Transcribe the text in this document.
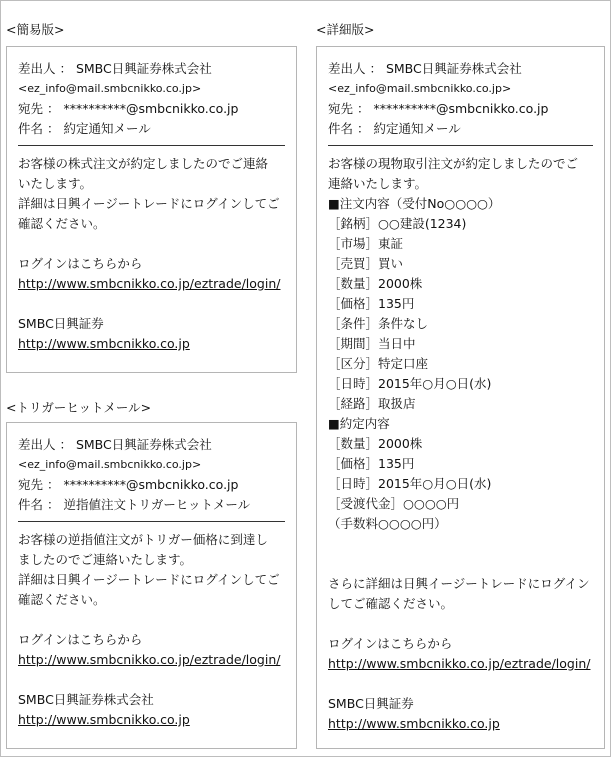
<簡易版>
差出人 ： SMBC日興証券株式会社
<ez_info@mail.smbcnikko.co.jp>
宛先 ： **********@smbcnikko.co.jp
件名 ： 約定通知メール
お客様の株式注文が約定しましたのでご連絡
いたします。
詳細は日興イージートレードにログインしてご
確認ください。
ログインはこちらから
http://www.smbcnikko.co.jp/eztrade/login/
SMBC日興証券
http://www.smbcnikko.co.jp
<トリガーヒットメール>
差出人 ： SMBC日興証券株式会社
<ez_info@mail.smbcnikko.co.jp>
宛先 ： **********@smbcnikko.co.jp
件名 ： 逆指値注文トリガーヒットメール
お客様の逆指値注文がトリガー価格に到達し
ましたのでご連絡いたします。
詳細は日興イージートレードにログインしてご
確認ください。
ログインはこちらから
http://www.smbcnikko.co.jp/eztrade/login/
SMBC日興証券株式会社
http://www.smbcnikko.co.jp
<詳細版>
差出人 ： SMBC日興証券株式会社
<ez_info@mail.smbcnikko.co.jp>
宛先 ： **********@smbcnikko.co.jp
件名 ： 約定通知メール
お客様の現物取引注文が約定しましたのでご
連絡いたします。
■注文内容（受付No○○○○）
［銘柄］○○建設(1234)
［市場］東証
［売買］買い
［数量］2000株
［価格］135円
［条件］条件なし
［期間］当日中
［区分］特定口座
［日時］2015年○月○日(水)
［経路］取扱店
■約定内容
［数量］2000株
［価格］135円
［日時］2015年○月○日(水)
［受渡代金］○○○○円
（手数料○○○○円）
さらに詳細は日興イージートレードにログイン
してご確認ください。
ログインはこちらから
http://www.smbcnikko.co.jp/eztrade/login/
SMBC日興証券
http://www.smbcnikko.co.jp
